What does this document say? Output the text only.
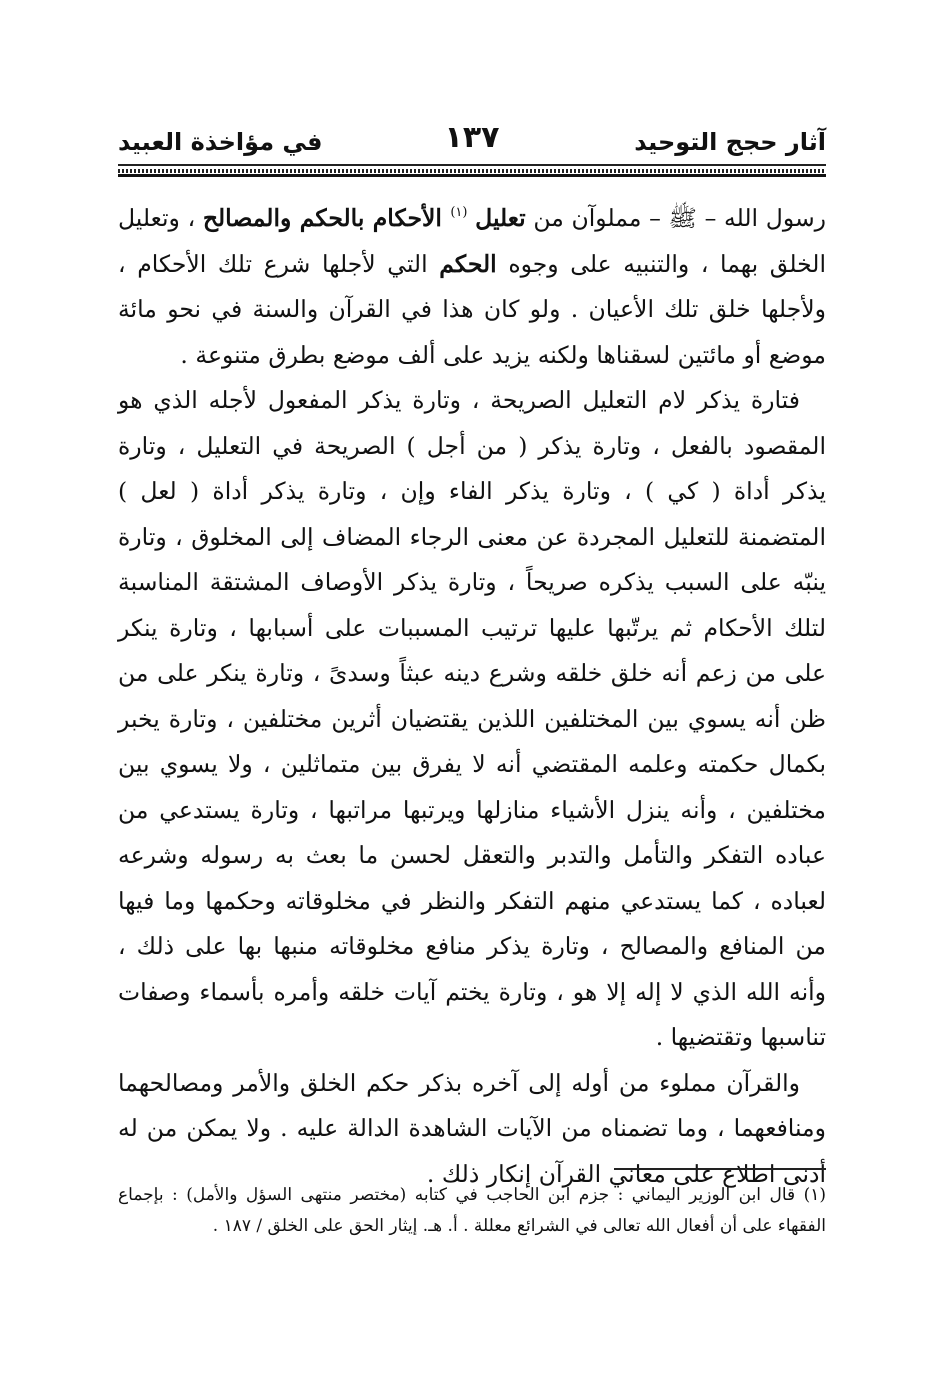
آثار حجج التوحيد
١٣٧
في مؤاخذة العبيد

رسول الله – ﷺ – مملوآن من تعليل $^{(١)}$ الأحكام بالحكم والمصالح ، وتعليل الخلق بهما ، والتنبيه على وجوه الحكم التي لأجلها شرع تلك الأحكام ، ولأجلها خلق تلك الأعيان . ولو كان هذا في القرآن والسنة في نحو مائة موضع أو مائتين لسقناها ولكنه يزيد على ألف موضع بطرق متنوعة .

فتارة يذكر لام التعليل الصريحة ، وتارة يذكر المفعول لأجله الذي هو المقصود بالفعل ، وتارة يذكر ( من أجل ) الصريحة في التعليل ، وتارة يذكر أداة ( كي ) ، وتارة يذكر الفاء وإن ، وتارة يذكر أداة ( لعل ) المتضمنة للتعليل المجردة عن معنى الرجاء المضاف إلى المخلوق ، وتارة ينبّه على السبب يذكره صريحاً ، وتارة يذكر الأوصاف المشتقة المناسبة لتلك الأحكام ثم يرتّبها عليها ترتيب المسببات على أسبابها ، وتارة ينكر على من زعم أنه خلق خلقه وشرع دينه عبثاً وسدىً ، وتارة ينكر على من ظن أنه يسوي بين المختلفين اللذين يقتضيان أثرين مختلفين ، وتارة يخبر بكمال حكمته وعلمه المقتضي أنه لا يفرق بين متماثلين ، ولا يسوي بين مختلفين ، وأنه ينزل الأشياء منازلها ويرتبها مراتبها ، وتارة يستدعي من عباده التفكر والتأمل والتدبر والتعقل لحسن ما بعث به رسوله وشرعه لعباده ، كما يستدعي منهم التفكر والنظر في مخلوقاته وحكمها وما فيها من المنافع والمصالح ، وتارة يذكر منافع مخلوقاته منبها بها على ذلك ، وأنه الله الذي لا إله إلا هو ، وتارة يختم آيات خلقه وأمره بأسماء وصفات تناسبها وتقتضيها .

والقرآن مملوء من أوله إلى آخره بذكر حكم الخلق والأمر ومصالحهما ومنافعهما ، وما تضمناه من الآيات الشاهدة الدالة عليه . ولا يمكن من له أدنى اطلاع على معاني القرآن إنكار ذلك .

(١) قال ابن الوزير اليماني : جزم ابن الحاجب في كتابه (مختصر منتهى السؤل والأمل) : بإجماع الفقهاء على أن أفعال الله تعالى في الشرائع معللة . أ. هـ. إيثار الحق على الخلق / ١٨٧ .
